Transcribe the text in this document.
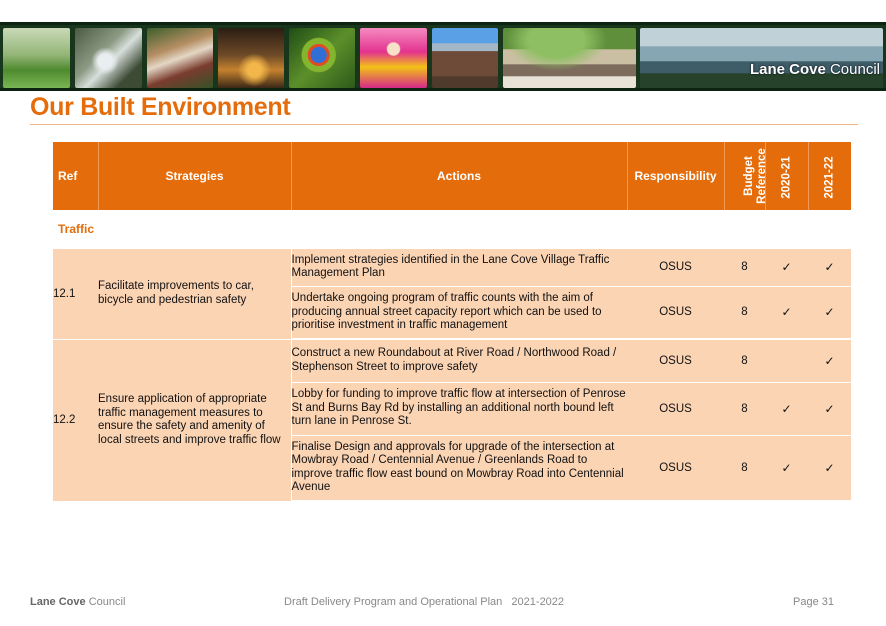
Lane Cove Council
Our Built Environment
Ref	Strategies	Actions	Responsibility	Budget Reference	2020-21	2021-22
Traffic						
12.1	Facilitate improvements to car, bicycle and pedestrian safety	Implement strategies identified in the Lane Cove Village Traffic Management Plan	OSUS	8	✓	✓
		Undertake ongoing program of traffic counts with the aim of producing annual street capacity report which can be used to prioritise investment in traffic management	OSUS	8	✓	✓
12.2	Ensure application of appropriate traffic management measures to ensure the safety and amenity of local streets and improve traffic flow	Construct a new Roundabout at River Road / Northwood Road / Stephenson Street to improve safety	OSUS	8		✓
		Lobby for funding to improve traffic flow at intersection of Penrose St and Burns Bay Rd by installing an additional north bound left turn lane in Penrose St.	OSUS	8	✓	✓
		Finalise Design and approvals for upgrade of the intersection at Mowbray Road / Centennial Avenue / Greenlands Road to improve traffic flow east bound on Mowbray Road into Centennial Avenue	OSUS	8	✓	✓
Lane Cove Council	Draft Delivery Program and Operational Plan   2021-2022	Page 31
